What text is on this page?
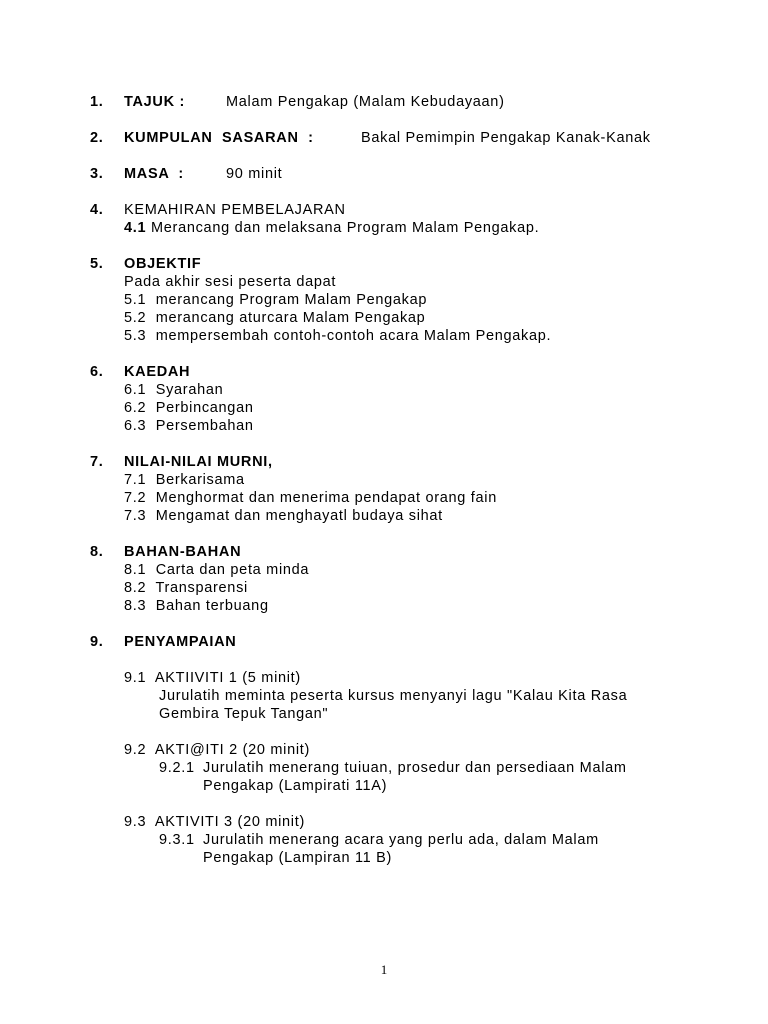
1. TAJUK :	Malam Pengakap (Malam Kebudayaan)
2. KUMPULAN  SASARAN  :	Bakal Pemimpin Pengakap Kanak-Kanak
3. MASA  :	90 minit
4. KEMAHIRAN PEMBELAJARAN
4.1 Merancang dan melaksana Program Malam Pengakap.
5. OBJEKTIF
Pada akhir sesi peserta dapat
5.1  merancang Program Malam Pengakap
5.2  merancang aturcara Malam Pengakap
5.3  mempersembah contoh-contoh acara Malam Pengakap.
6. KAEDAH
6.1  Syarahan
6.2  Perbincangan
6.3  Persembahan
7. NILAI-NILAI MURNI,
7.1  Berkarisama
7.2  Menghormat dan menerima pendapat orang fain
7.3  Mengamat dan menghayatl budaya sihat
8. BAHAN-BAHAN
8.1  Carta dan peta minda
8.2  Transparensi
8.3  Bahan terbuang
9. PENYAMPAIAN
9.1  AKTIIVITI 1 (5 minit)
Jurulatih meminta peserta kursus menyanyi lagu "Kalau Kita Rasa
Gembira Tepuk Tangan"
9.2  AKTI@ITI 2 (20 minit)
9.2.1 Jurulatih menerang tuiuan, prosedur dan persediaan Malam
Pengakap (Lampirati 11A)
9.3  AKTIVITI 3 (20 minit)
9.3.1 Jurulatih menerang acara yang perlu ada, dalam Malam
Pengakap (Lampiran 11 B)
1
